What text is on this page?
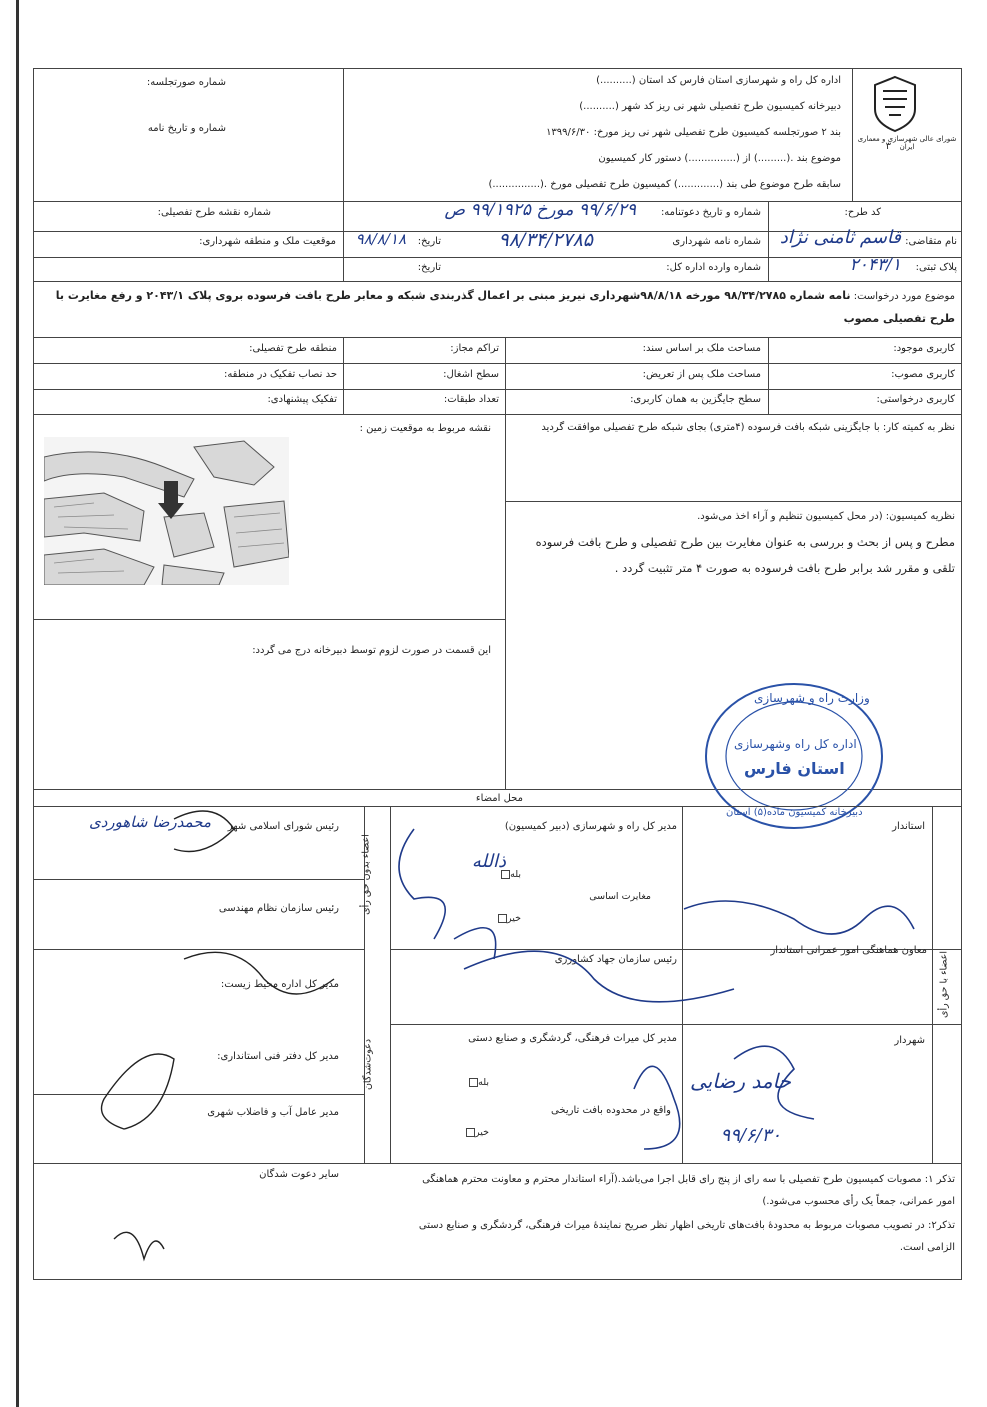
شورای عالی شهرسازی و معماری ایران
۳
اداره کل راه و شهرسازی استان فارس کد استان (..........)
دبیرخانه کمیسیون طرح تفصیلی شهر نی ریز کد شهر (..........)
بند ۲ صورتجلسه کمیسیون طرح تفصیلی شهر نی ریز مورخ: ۱۳۹۹/۶/۳۰
موضوع بند .(.........) از (...............) دستور کار کمیسیون
سابقه طرح موضوع طی بند (.............) کمیسیون طرح تفصیلی مورخ .(...............)
شماره صورتجلسه:
شماره و تاریخ نامه
کد طرح:
شماره و تاریخ دعوتنامه:
۹۹/۶/۲۹ مورخ ۹۹/۱۹۲۵ ص
شماره نقشه طرح تفصیلی:
نام متقاضی:
قاسم ثامنی نژاد
شماره نامه شهرداری
۹۸/۳۴/۲۷۸۵
تاریخ:
۹۸/۸/۱۸
موقعیت ملک و منطقه شهرداری:
پلاک ثبتی:
۲۰۴۳/۱
شماره وارده اداره کل:
تاریخ:
موضوع مورد درخواست: نامه شماره ۹۸/۳۴/۲۷۸۵ مورخه ۹۸/۸/۱۸شهرداری نیریز مبنی بر اعمال گذربندی شبکه و معابر طرح بافت فرسوده بروی پلاک ۲۰۴۳/۱ و رفع مغایرت با طرح تفصیلی مصوب
کاربری موجود:
مساحت ملک بر اساس سند:
تراکم مجاز:
منطقه طرح تفصیلی:
کاربری مصوب:
مساحت ملک پس از تعریض:
سطح اشغال:
حد نصاب تفکیک در منطقه:
کاربری درخواستی:
سطح جایگزین به همان کاربری:
تعداد طبقات:
تفکیک پیشنهادی:
نظر به کمیته کار: با جایگزینی شبکه بافت فرسوده (۴متری) بجای شبکه طرح تفصیلی موافقت گردید
نقشه مربوط به موقعیت زمین :
نظریه کمیسیون: (در محل کمیسیون تنظیم و آراء اخذ می‌شود.
مطرح و پس از بحث و بررسی به عنوان مغایرت بین طرح تفصیلی و طرح بافت فرسوده تلقی و مقرر شد برابر طرح بافت فرسوده به صورت ۴ متر تثبیت گردد .
این قسمت در صورت لزوم توسط دبیرخانه درج می گردد:
وزارت راه و شهرسازی
اداره کل راه وشهرسازی
استان فارس
دبیرخانه کمیسیون ماده(۵) استان
محل امضاء
اعضاء با حق رأی
اعضاء بدون حق رأی
دعوت‌شدگان
استاندار
معاون هماهنگی امور عمرانی استاندار
شهردار
حامد رضایی
۹۹/۶/۳۰
مدیر کل راه و شهرسازی (دبیر کمیسیون)
بله
مغایرت اساسی
خیر
ذالله
رئیس سازمان جهاد کشاورزی
مدیر کل میراث فرهنگی، گردشگری و صنایع دستی
بله
واقع در محدوده بافت تاریخی
خیر
رئیس شورای اسلامی شهر
محمدرضا شاهوردی
رئیس سازمان نظام مهندسی
مدیر کل اداره محیط زیست:
مدیر کل دفتر فنی استانداری:
مدیر عامل آب و فاضلاب شهری
سایر دعوت شدگان	تذکر ۱: مصوبات کمیسیون طرح تفصیلی با سه رای از پنج رای قابل اجرا می‌باشد.(آراء استاندار محترم و معاونت محترم هماهنگی امور عمرانی، جمعاً یک رأی محسوب می‌شود.)
تذکر۲: در تصویب مصوبات مربوط به محدودهٔ بافت‌های تاریخی اظهار نظر صریح نمایندهٔ میراث فرهنگی، گردشگری و صنایع دستی الزامی است.
